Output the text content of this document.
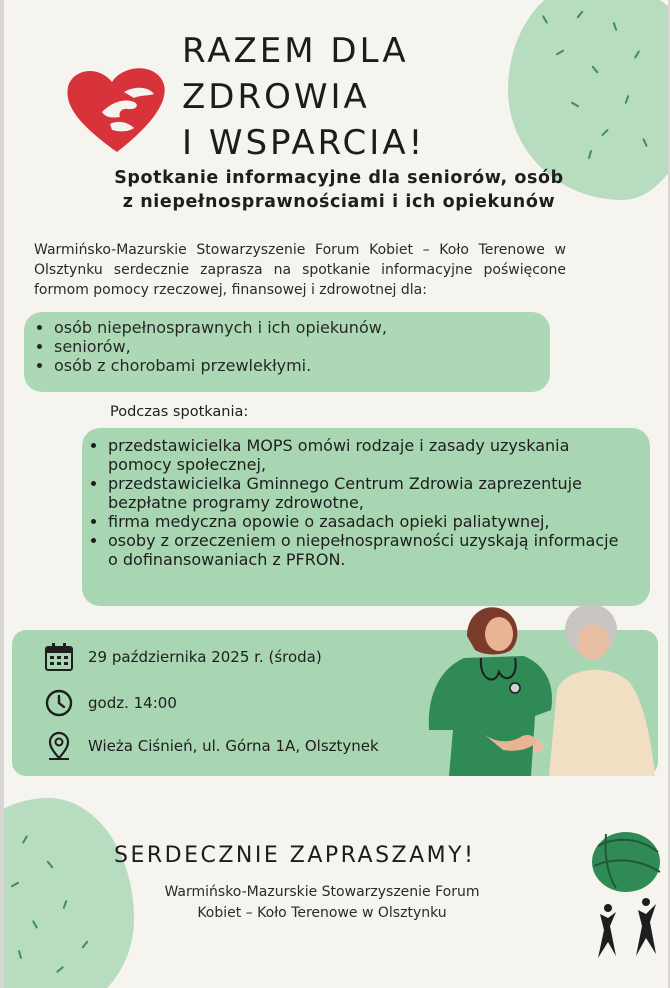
RAZEM DLA
ZDROWIA
I WSPARCIA!
Spotkanie informacyjne dla seniorów, osób
z niepełnosprawnościami i ich opiekunów

Warmińsko-Mazurskie Stowarzyszenie Forum Kobiet – Koło Terenowe w Olsztynku serdecznie zaprasza na spotkanie informacyjne poświęcone formom pomocy rzeczowej, finansowej i zdrowotnej dla:

• osób niepełnosprawnych i ich opiekunów,
• seniorów,
• osób z chorobami przewlekłymi.
Podczas spotkania:
• przedstawicielka MOPS omówi rodzaje i zasady uzyskania pomocy społecznej,
• przedstawicielka Gminnego Centrum Zdrowia zaprezentuje bezpłatne programy zdrowotne,
• firma medyczna opowie o zasadach opieki paliatywnej,
• osoby z orzeczeniem o niepełnosprawności uzyskają informacje o dofinansowaniach z PFRON.
29 października 2025 r. (środa)
godz. 14:00
Wieża Ciśnień, ul. Górna 1A, Olsztynek
SERDECZNIE ZAPRASZAMY!
Warmińsko-Mazurskie Stowarzyszenie Forum
Kobiet – Koło Terenowe w Olsztynku
